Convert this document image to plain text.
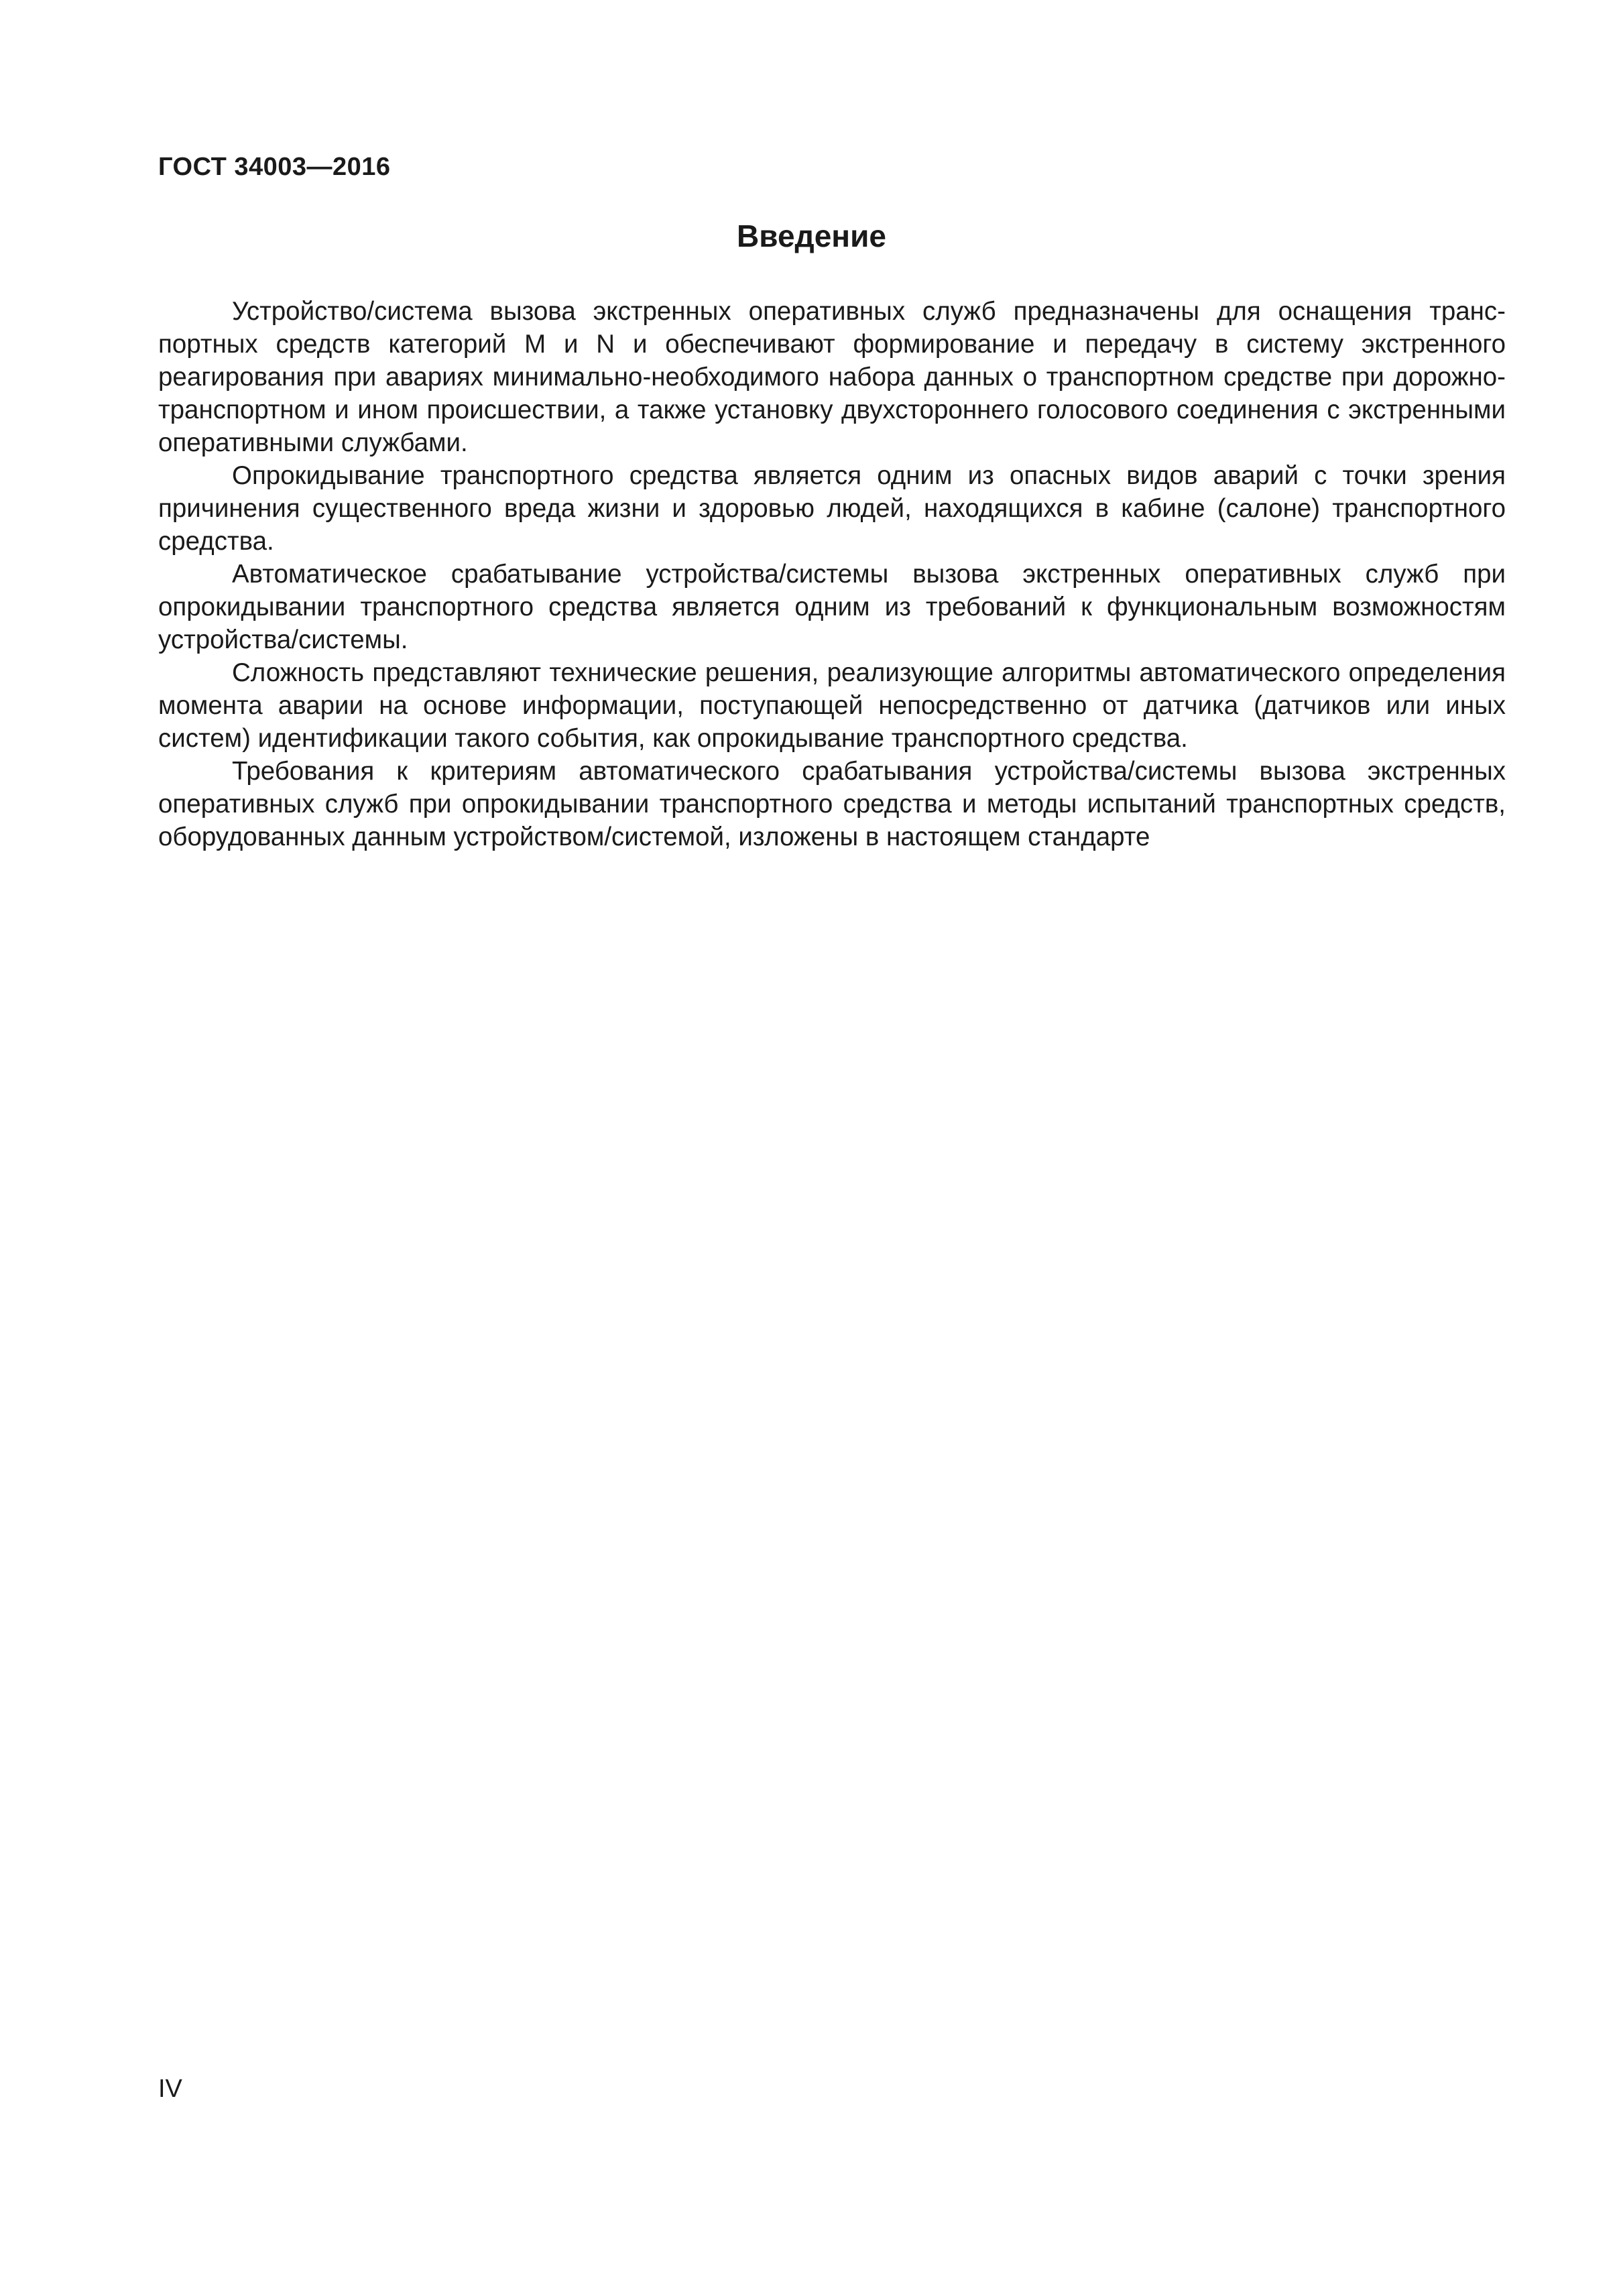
ГОСТ 34003—2016
Введение

Устройство/система вызова экстренных оперативных служб предназначены для оснащения транспортных средств категорий M и N и обеспечивают формирование и передачу в систему экстренного реагирования при авариях минимально-необходимого набора данных о транспортном средстве при дорожно-транспортном и ином происшествии, а также установку двухстороннего голосового соединения с экстренными оперативными службами.

Опрокидывание транспортного средства является одним из опасных видов аварий с точки зрения причинения существенного вреда жизни и здоровью людей, находящихся в кабине (салоне) транспортного средства.

Автоматическое срабатывание устройства/системы вызова экстренных оперативных служб при опрокидывании транспортного средства является одним из требований к функциональным возможностям устройства/системы.

Сложность представляют технические решения, реализующие алгоритмы автоматического определения момента аварии на основе информации, поступающей непосредственно от датчика (датчиков или иных систем) идентификации такого события, как опрокидывание транспортного средства.

Требования к критериям автоматического срабатывания устройства/системы вызова экстренных оперативных служб при опрокидывании транспортного средства и методы испытаний транспортных средств, оборудованных данным устройством/системой, изложены в настоящем стандарте

IV
